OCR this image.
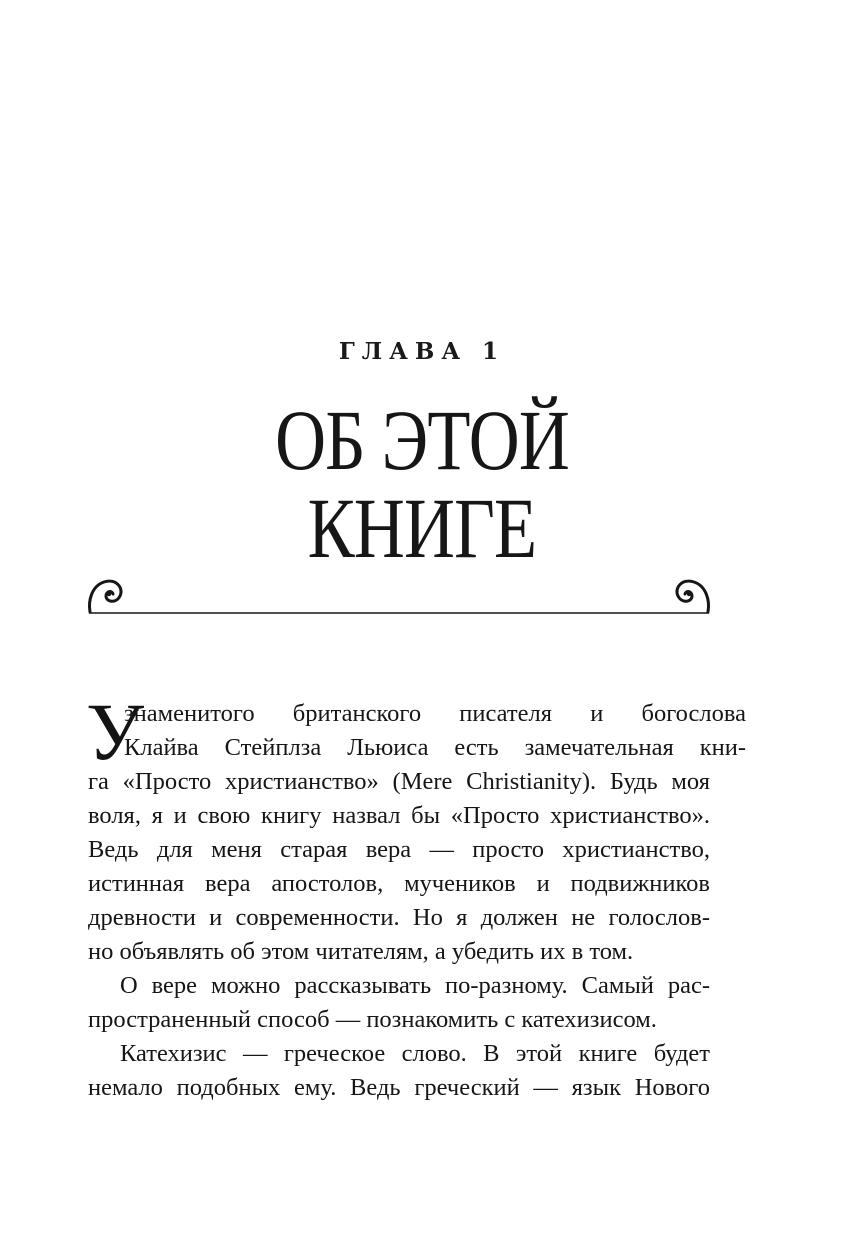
ГЛАВА 1
ОБ ЭТОЙ
КНИГЕ
У

знаменитого британского писателя и богослова
Клайва Стейплза Льюиса есть замечательная кни-

га «Просто христианство» (Mere Christianity). Будь моя
воля, я и свою книгу назвал бы «Просто христианство».
Ведь для меня старая вера — просто христианство,
истинная вера апостолов, мучеников и подвижников
древности и современности. Но я должен не голослов-
но объявлять об этом читателям, а убедить их в том.

О вере можно рассказывать по-разному. Самый рас-
пространенный способ — познакомить с катехизисом.

Катехизис — греческое слово. В этой книге будет
немало подобных ему. Ведь греческий — язык Нового
